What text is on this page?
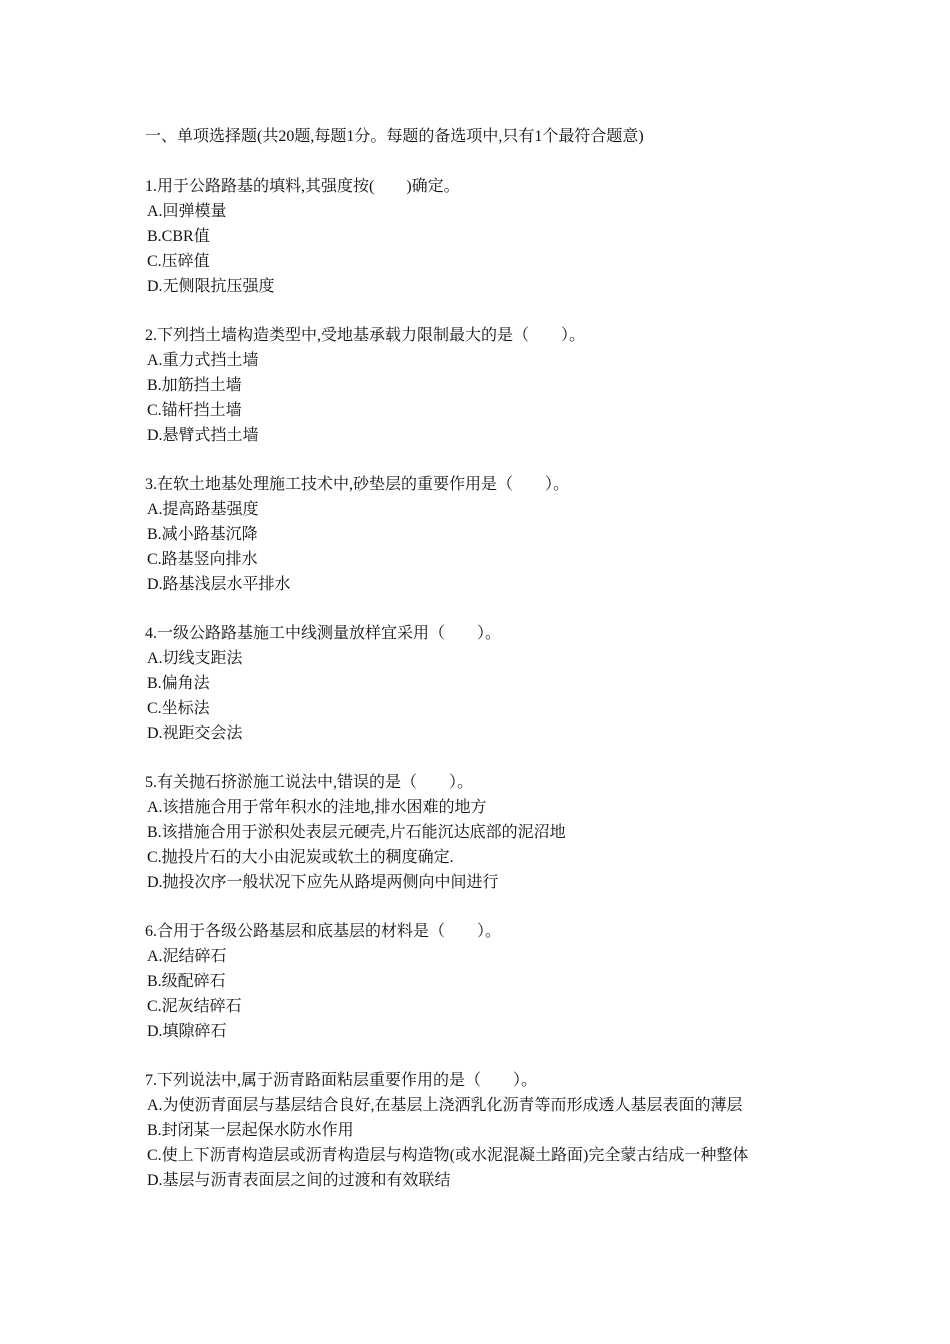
一、单项选择题(共20题,每题1分。每题的备选项中,只有1个最符合题意)
1.用于公路路基的填料,其强度按(　　)确定。
A.回弹模量
B.CBR值
C.压碎值
D.无侧限抗压强度
2.下列挡土墙构造类型中,受地基承载力限制最大的是（　　）。
A.重力式挡土墙
B.加筋挡土墙
C.锚杆挡土墙
D.悬臂式挡土墙
3.在软土地基处理施工技术中,砂垫层的重要作用是（　　）。
A.提高路基强度
B.减小路基沉降
C.路基竖向排水
D.路基浅层水平排水
4.一级公路路基施工中线测量放样宜采用（　　）。
A.切线支距法
B.偏角法
C.坐标法
D.视距交会法
5.有关抛石挤淤施工说法中,错误的是（　　）。
A.该措施合用于常年积水的洼地,排水困难的地方
B.该措施合用于淤积处表层元硬壳,片石能沉达底部的泥沼地
C.抛投片石的大小由泥炭或软土的稠度确定.
D.抛投次序一般状况下应先从路堤两侧向中间进行
6.合用于各级公路基层和底基层的材料是（　　）。
A.泥结碎石
B.级配碎石
C.泥灰结碎石
D.填隙碎石
7.下列说法中,属于沥青路面粘层重要作用的是（　　）。
A.为使沥青面层与基层结合良好,在基层上浇洒乳化沥青等而形成透人基层表面的薄层
B.封闭某一层起保水防水作用
C.使上下沥青构造层或沥青构造层与构造物(或水泥混凝土路面)完全蒙古结成一种整体
D.基层与沥青表面层之间的过渡和有效联结
